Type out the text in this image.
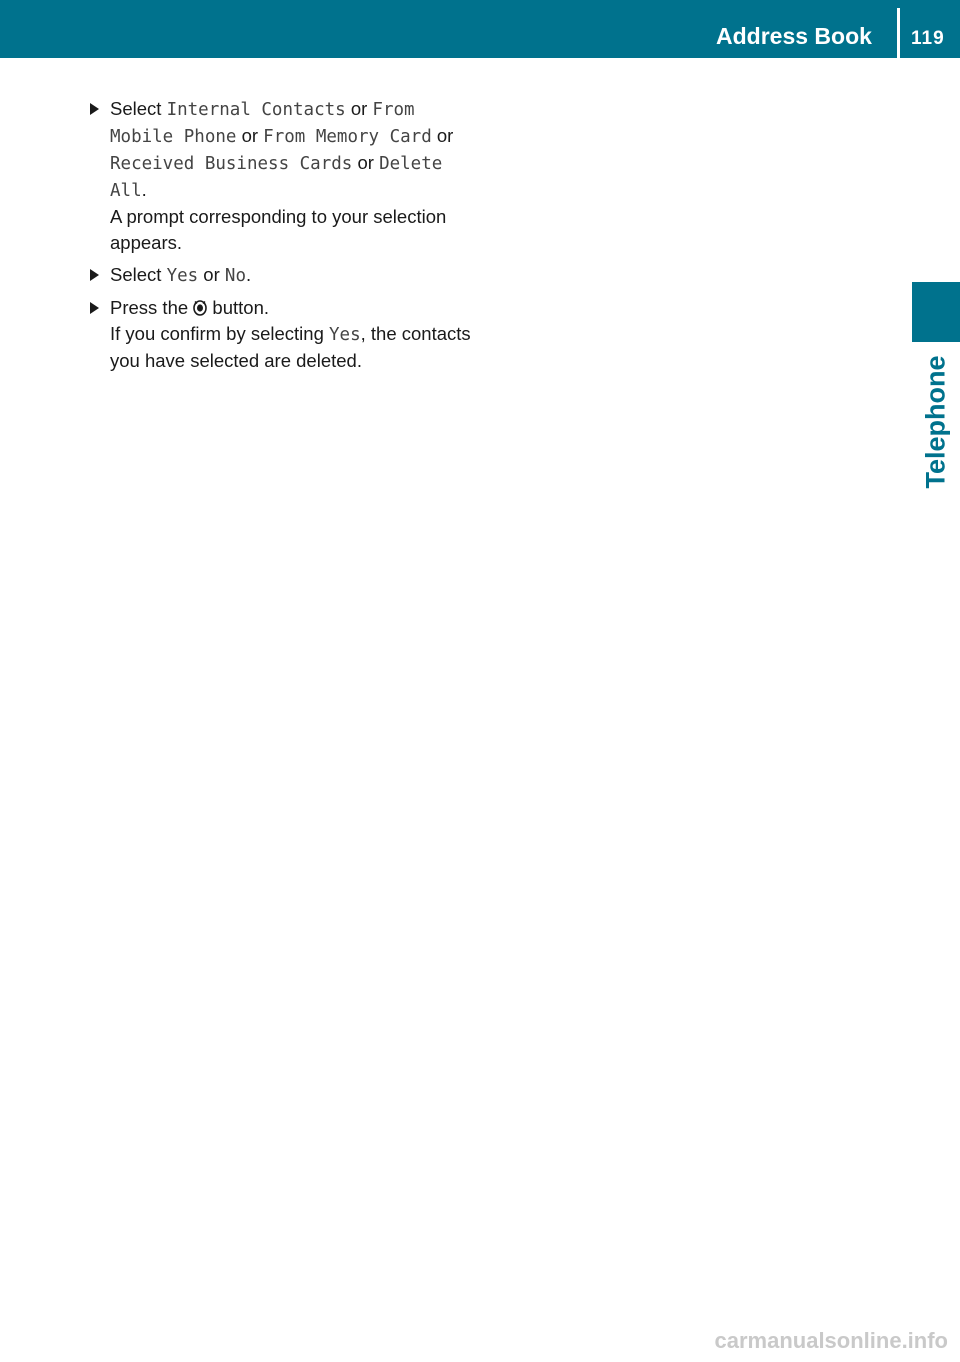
Address Book 119
Telephone
Select Internal Contacts or From Mobile Phone or From Memory Card or Received Business Cards or Delete All.
A prompt corresponding to your selection appears.
Select Yes or No.
Press the  button.
If you confirm by selecting Yes, the contacts you have selected are deleted.
carmanualsonline.info
